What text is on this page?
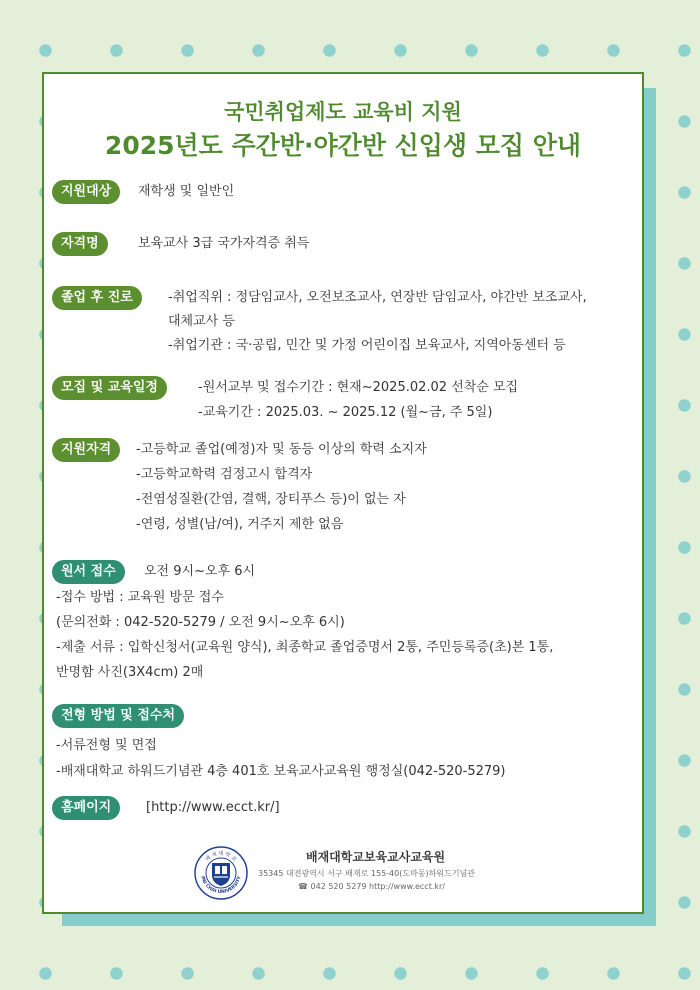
국민취업제도 교육비 지원
2025년도 주간반·야간반 신입생 모집 안내
지원대상	재학생 및 일반인
자격명	보육교사 3급 국가자격증 취득
졸업 후 진로	-취업직위 : 정담임교사, 오전보조교사, 연장반 담임교사, 야간반 보조교사,
대체교사 등
-취업기관 : 국·공립, 민간 및 가정 어린이집 보육교사, 지역아동센터 등
모집 및 교육일정	-원서교부 및 접수기간 : 현재~2025.02.02 선착순 모집
-교육기간 : 2025.03. ~ 2025.12 (월~금, 주 5일)
지원자격	-고등학교 졸업(예정)자 및 동등 이상의 학력 소지자
-고등학교학력 검정고시 합격자
-전염성질환(간염, 결핵, 장티푸스 등)이 없는 자
-연령, 성별(남/여), 거주지 제한 없음
원서 접수	오전 9시~오후 6시
-접수 방법 : 교육원 방문 접수
(문의전화 : 042-520-5279 / 오전 9시~오후 6시)
-제출 서류 : 입학신청서(교육원 양식), 최종학교 졸업증명서 2통, 주민등록증(초)본 1통,
반명함 사진(3X4cm) 2매
전형 방법 및 접수처
-서류전형 및 면접
-배재대학교 하워드기념관 4층 401호 보육교사교육원 행정실(042-520-5279)
홈페이지	[http://www.ecct.kr/]
배 재 대 학 교
PAI CHAI UNIVERSITY
배재대학교보육교사교육원
35345 대전광역시 서구 배재로 155-40(도마동)하워드기념관
☎ 042 520 5279 http://www.ecct.kr/
